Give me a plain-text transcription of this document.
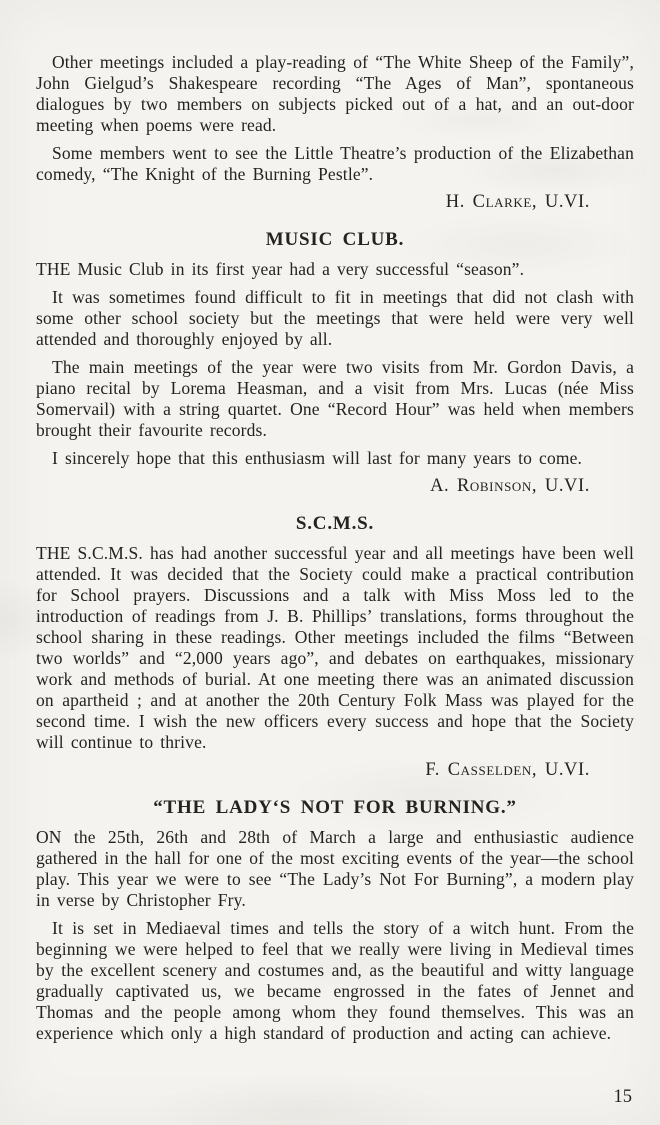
Other meetings included a play-reading of “The White Sheep of the Family”, John Gielgud’s Shakespeare recording “The Ages of Man”, spontaneous dialogues by two members on subjects picked out of a hat, and an out-door meeting when poems were read.

Some members went to see the Little Theatre’s production of the Elizabethan comedy, “The Knight of the Burning Pestle”.

H. Clarke, U.VI.
MUSIC CLUB.

THE Music Club in its first year had a very successful “season”.

It was sometimes found difficult to fit in meetings that did not clash with some other school society but the meetings that were held were very well attended and thoroughly enjoyed by all.

The main meetings of the year were two visits from Mr. Gordon Davis, a piano recital by Lorema Heasman, and a visit from Mrs. Lucas (née Miss Somervail) with a string quartet. One “Record Hour” was held when members brought their favourite records.

I sincerely hope that this enthusiasm will last for many years to come.

A. Robinson, U.VI.
S.C.M.S.

THE S.C.M.S. has had another successful year and all meetings have been well attended. It was decided that the Society could make a practical contribution for School prayers. Discussions and a talk with Miss Moss led to the introduction of readings from J. B. Phillips’ translations, forms throughout the school sharing in these readings. Other meetings included the films “Between two worlds” and “2,000 years ago”, and debates on earthquakes, missionary work and methods of burial. At one meeting there was an animated discussion on apartheid ; and at another the 20th Century Folk Mass was played for the second time. I wish the new officers every success and hope that the Society will continue to thrive.

F. Casselden, U.VI.
“THE LADY‘S NOT FOR BURNING.”

ON the 25th, 26th and 28th of March a large and enthusiastic audience gathered in the hall for one of the most exciting events of the year—the school play. This year we were to see “The Lady’s Not For Burning”, a modern play in verse by Christopher Fry.

It is set in Mediaeval times and tells the story of a witch hunt. From the beginning we were helped to feel that we really were living in Medieval times by the excellent scenery and costumes and, as the beautiful and witty language gradually captivated us, we became engrossed in the fates of Jennet and Thomas and the people among whom they found themselves. This was an experience which only a high standard of production and acting can achieve.

15
